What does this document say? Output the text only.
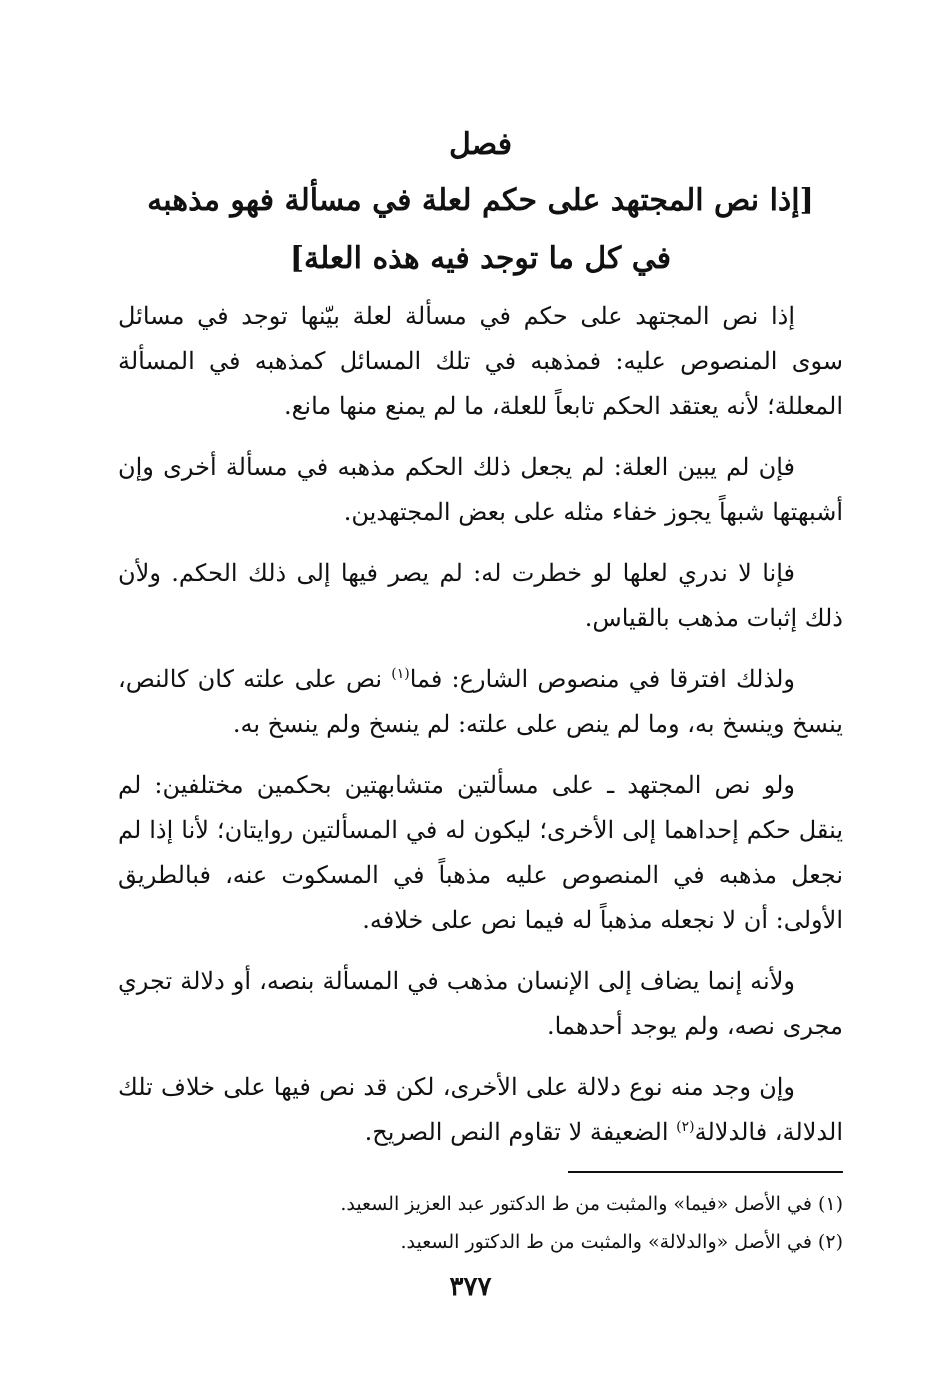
فصل
[إذا نص المجتهد على حكم لعلة في مسألة فهو مذهبه
في كل ما توجد فيه هذه العلة]

إذا نص المجتهد على حكم في مسألة لعلة بيّنها توجد في مسائل سوى المنصوص عليه: فمذهبه في تلك المسائل كمذهبه في المسألة المعللة؛ لأنه يعتقد الحكم تابعاً للعلة، ما لم يمنع منها مانع.

فإن لم يبين العلة: لم يجعل ذلك الحكم مذهبه في مسألة أخرى وإن أشبهتها شبهاً يجوز خفاء مثله على بعض المجتهدين.

فإنا لا ندري لعلها لو خطرت له: لم يصر فيها إلى ذلك الحكم. ولأن ذلك إثبات مذهب بالقياس.

ولذلك افترقا في منصوص الشارع: فما$^{(١)}$ نص على علته كان كالنص، ينسخ وينسخ به، وما لم ينص على علته: لم ينسخ ولم ينسخ به.

ولو نص المجتهد ـ على مسألتين متشابهتين بحكمين مختلفين: لم ينقل حكم إحداهما إلى الأخرى؛ ليكون له في المسألتين روايتان؛ لأنا إذا لم نجعل مذهبه في المنصوص عليه مذهباً في المسكوت عنه، فبالطريق الأولى: أن لا نجعله مذهباً له فيما نص على خلافه.

ولأنه إنما يضاف إلى الإنسان مذهب في المسألة بنصه، أو دلالة تجري مجرى نصه، ولم يوجد أحدهما.

وإن وجد منه نوع دلالة على الأخرى، لكن قد نص فيها على خلاف تلك الدلالة، فالدلالة$^{(٢)}$ الضعيفة لا تقاوم النص الصريح.

(١) في الأصل «فيما» والمثبت من ط الدكتور عبد العزيز السعيد.

(٢) في الأصل «والدلالة» والمثبت من ط الدكتور السعيد.

٣٧٧
